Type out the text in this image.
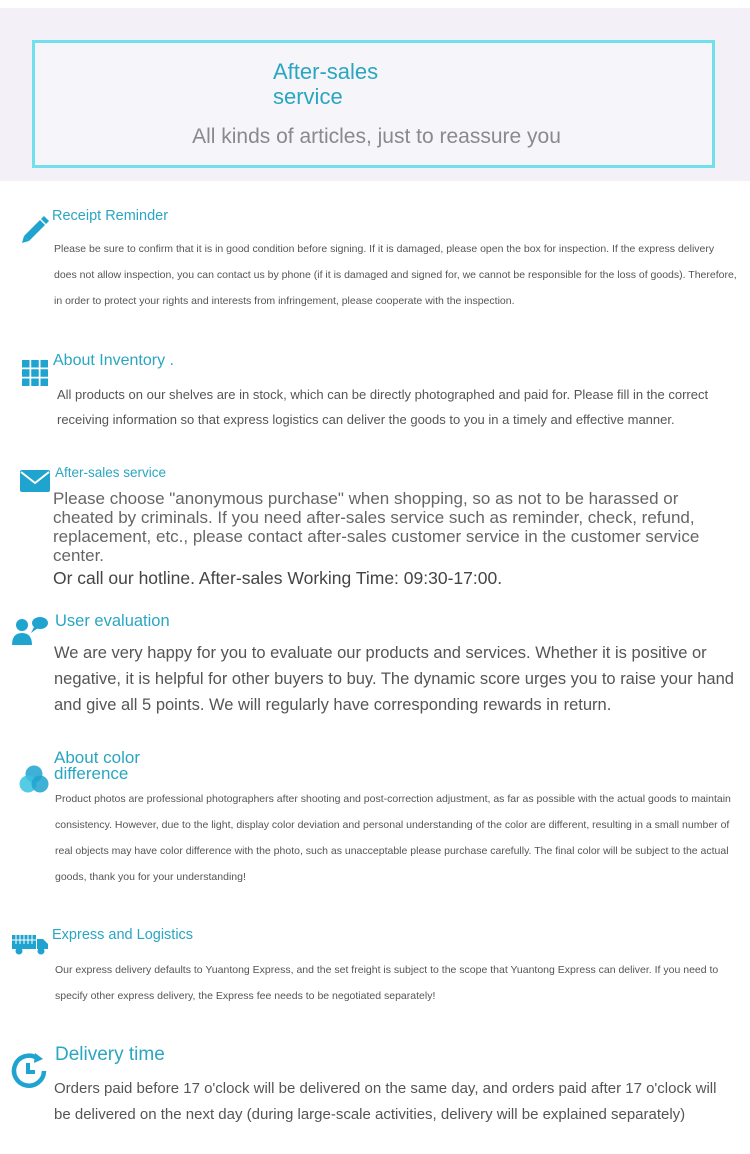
After-sales service
All kinds of articles, just to reassure you
Receipt Reminder
Please be sure to confirm that it is in good condition before signing. If it is damaged, please open the box for inspection. If the express delivery does not allow inspection, you can contact us by phone (if it is damaged and signed for, we cannot be responsible for the loss of goods). Therefore, in order to protect your rights and interests from infringement, please cooperate with the inspection.
About Inventory .
All products on our shelves are in stock, which can be directly photographed and paid for. Please fill in the correct receiving information so that express logistics can deliver the goods to you in a timely and effective manner.
After-sales service
Please choose "anonymous purchase" when shopping, so as not to be harassed or cheated by criminals. If you need after-sales service such as reminder, check, refund, replacement, etc., please contact after-sales customer service in the customer service center.
Or call our hotline. After-sales Working Time: 09:30-17:00.
User evaluation
We are very happy for you to evaluate our products and services. Whether it is positive or negative, it is helpful for other buyers to buy. The dynamic score urges you to raise your hand and give all 5 points. We will regularly have corresponding rewards in return.
About color difference
Product photos are professional photographers after shooting and post-correction adjustment, as far as possible with the actual goods to maintain consistency. However, due to the light, display color deviation and personal understanding of the color are different, resulting in a small number of real objects may have color difference with the photo, such as unacceptable please purchase carefully. The final color will be subject to the actual goods, thank you for your understanding!
Express and Logistics
Our express delivery defaults to Yuantong Express, and the set freight is subject to the scope that Yuantong Express can deliver. If you need to specify other express delivery, the Express fee needs to be negotiated separately!
Delivery time
Orders paid before 17 o'clock will be delivered on the same day, and orders paid after 17 o'clock will be delivered on the next day (during large-scale activities, delivery will be explained separately)
